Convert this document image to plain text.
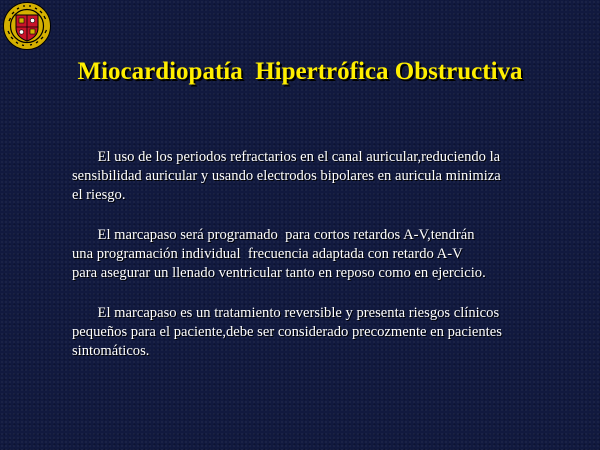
Miocardiopatía  Hipertrófica Obstructiva

El uso de los periodos refractarios en el canal auricular,reduciendo la
sensibilidad auricular y usando electrodos bipolares en auricula minimiza
el riesgo.

El marcapaso será programado  para cortos retardos A-V,tendrán
una programación individual  frecuencia adaptada con retardo A-V
para asegurar un llenado ventricular tanto en reposo como en ejercicio.

El marcapaso es un tratamiento reversible y presenta riesgos clínicos
pequeños para el paciente,debe ser considerado precozmente en pacientes
sintomáticos.
